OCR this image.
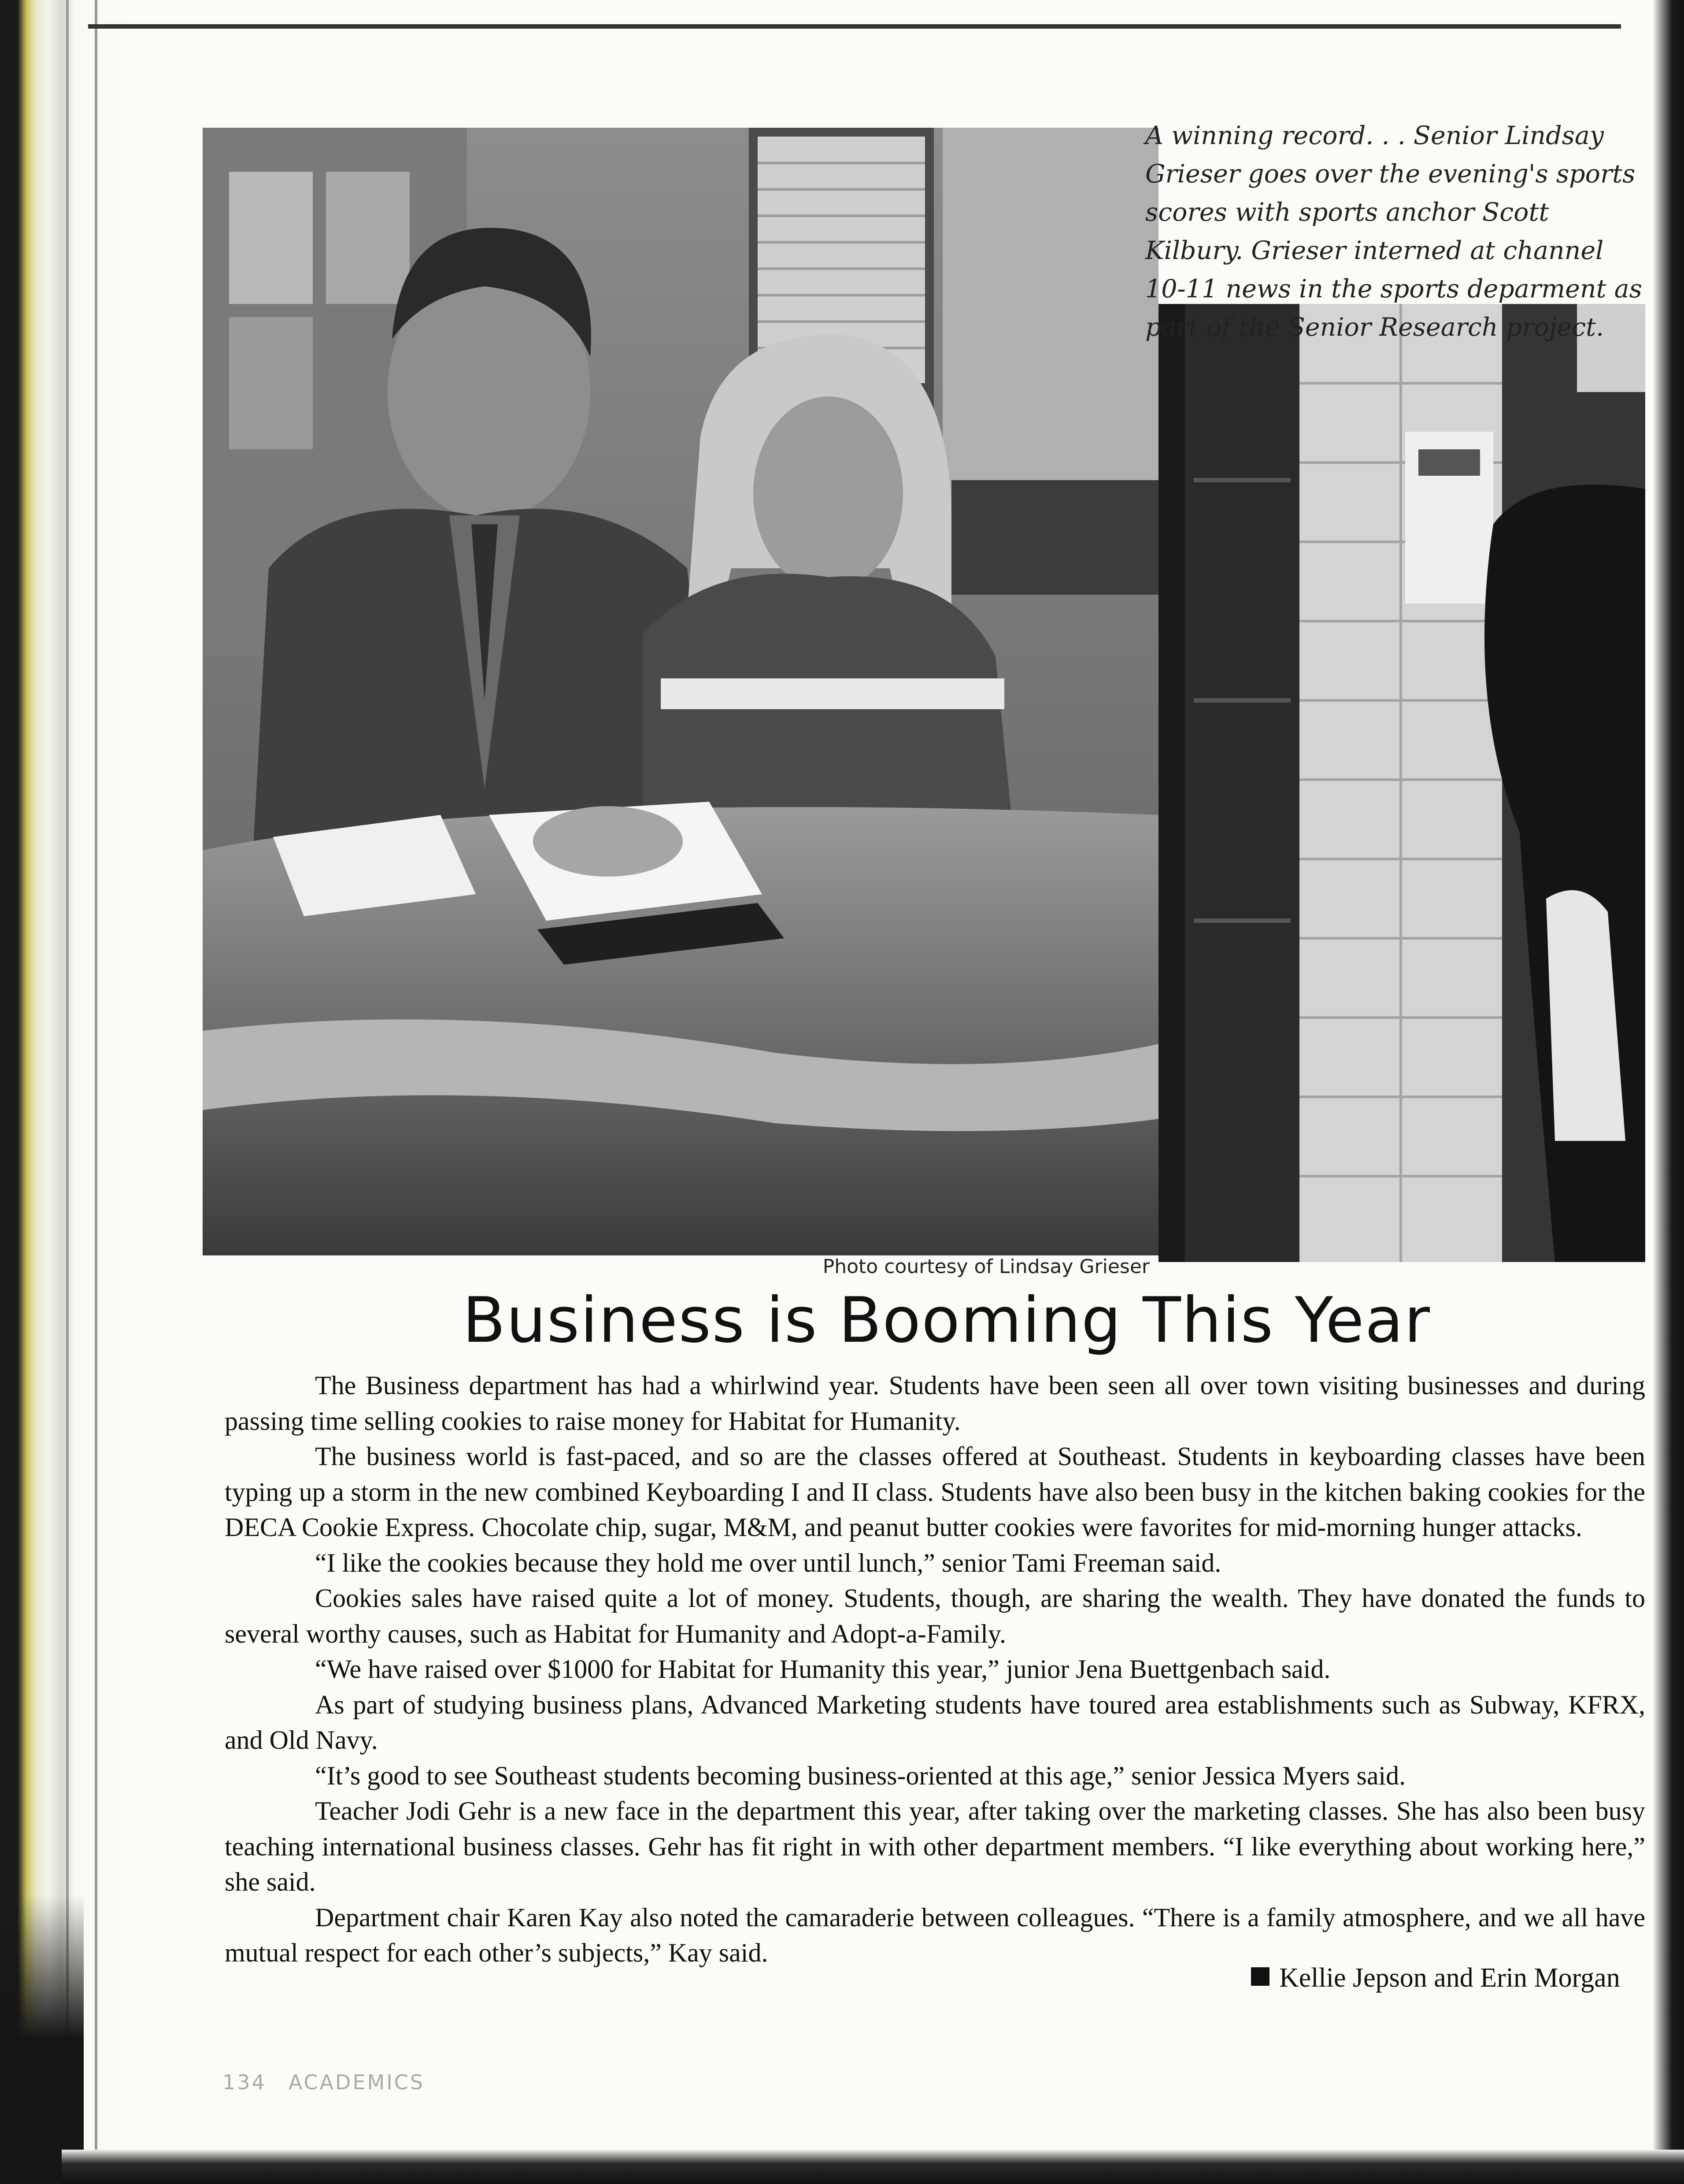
Photo courtesy of Lindsay Grieser
A winning record. . . Senior Lindsay Grieser goes over the evening's sports scores with sports anchor Scott Kilbury. Grieser interned at channel 10-11 news in the sports deparment as part of the Senior Research project.
Business is Booming This Year

The Business department has had a whirlwind year. Students have been seen all over town visiting businesses and during passing time selling cookies to raise money for Habitat for Humanity.

The business world is fast-paced, and so are the classes offered at Southeast. Students in keyboarding classes have been typing up a storm in the new combined Keyboarding I and II class. Students have also been busy in the kitchen baking cookies for the DECA Cookie Express. Chocolate chip, sugar, M&M, and peanut butter cookies were favorites for mid-morning hunger attacks.

“I like the cookies because they hold me over until lunch,” senior Tami Freeman said.

Cookies sales have raised quite a lot of money. Students, though, are sharing the wealth. They have donated the funds to several worthy causes, such as Habitat for Humanity and Adopt-a-Family.

“We have raised over $1000 for Habitat for Humanity this year,” junior Jena Buettgenbach said.

As part of studying business plans, Advanced Marketing students have toured area establishments such as Subway, KFRX, and Old Navy.

“It’s good to see Southeast students becoming business-oriented at this age,” senior Jessica Myers said.

Teacher Jodi Gehr is a new face in the department this year, after taking over the marketing classes. She has also been busy teaching international business classes. Gehr has fit right in with other department members. “I like everything about working here,” she said.

Department chair Karen Kay also noted the camaraderie between colleagues. “There is a family atmosphere, and we all have mutual respect for each other’s subjects,” Kay said.

Kellie Jepson and Erin Morgan
134 ACADEMICS
